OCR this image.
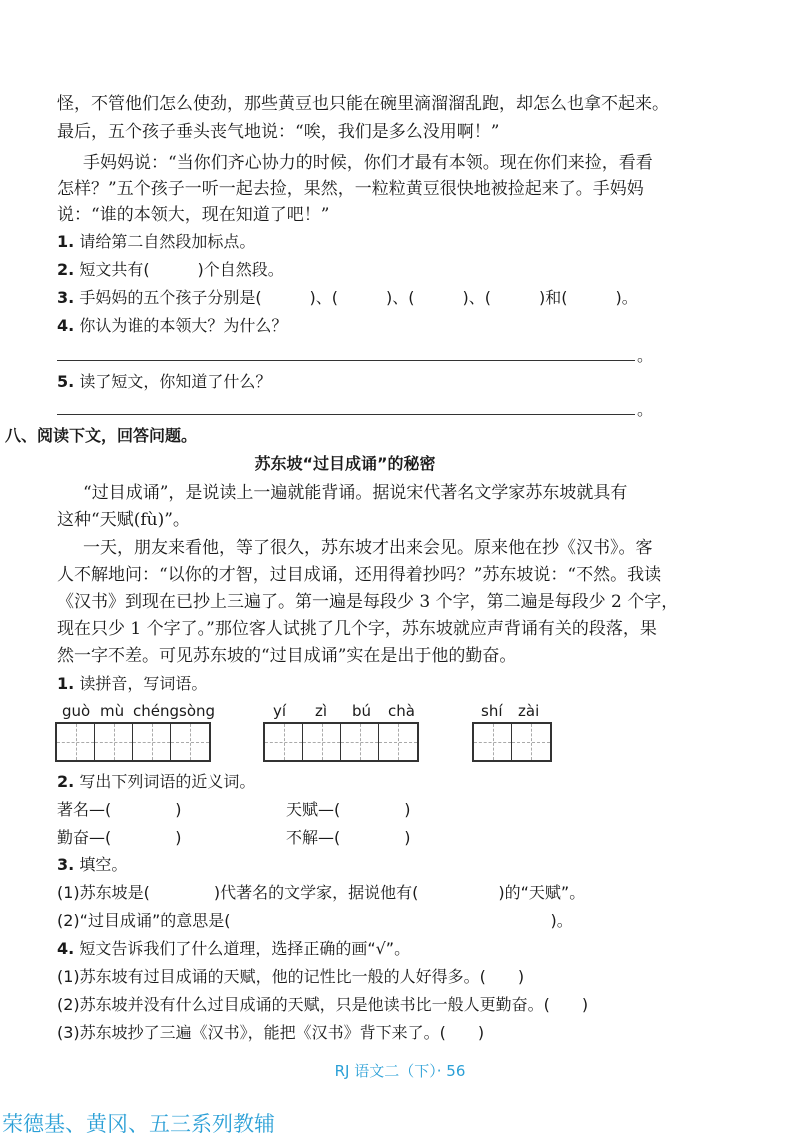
怪，不管他们怎么使劲，那些黄豆也只能在碗里滴溜溜乱跑，却怎么也拿不起来。
最后，五个孩子垂头丧气地说：“唉，我们是多么没用啊！”
手妈妈说：“当你们齐心协力的时候，你们才最有本领。现在你们来捡，看看
怎样？”五个孩子一听一起去捡，果然，一粒粒黄豆很快地被捡起来了。手妈妈
说：“谁的本领大，现在知道了吧！”
1. 请给第二自然段加标点。
2. 短文共有(　　　)个自然段。
3. 手妈妈的五个孩子分别是(　　　)、(　　　)、(　　　)、(　　　)和(　　　)。
4. 你认为谁的本领大？为什么？
。
5. 读了短文，你知道了什么？
。
八、阅读下文，回答问题。
苏东坡“过目成诵”的秘密
“过目成诵”，是说读上一遍就能背诵。据说宋代著名文学家苏东坡就具有
这种“天赋(fù)”。
一天，朋友来看他，等了很久，苏东坡才出来会见。原来他在抄《汉书》。客
人不解地问：“以你的才智，过目成诵，还用得着抄吗？”苏东坡说：“不然。我读
《汉书》到现在已抄上三遍了。第一遍是每段少 3 个字，第二遍是每段少 2 个字，
现在只少 1 个字了。”那位客人试挑了几个字，苏东坡就应声背诵有关的段落，果
然一字不差。可见苏东坡的“过目成诵”实在是出于他的勤奋。
1. 读拼音，写词语。
guò mù chéngsòng	yí zì bú chà	shí zài
2. 写出下列词语的近义词。
著名—(　　　　)	天赋—(　　　　)
勤奋—(　　　　)	不解—(　　　　)
3. 填空。
(1)苏东坡是(　　　　)代著名的文学家，据说他有(　　　　　)的“天赋”。
(2)“过目成诵”的意思是(　　　　　　　　　　　　　　　　　　　　)。
4. 短文告诉我们了什么道理，选择正确的画“√”。
(1)苏东坡有过目成诵的天赋，他的记性比一般的人好得多。(　　)
(2)苏东坡并没有什么过目成诵的天赋，只是他读书比一般人更勤奋。(　　)
(3)苏东坡抄了三遍《汉书》，能把《汉书》背下来了。(　　)
RJ 语文二（下）· 56
荣德基、黄冈、五三系列教辅
